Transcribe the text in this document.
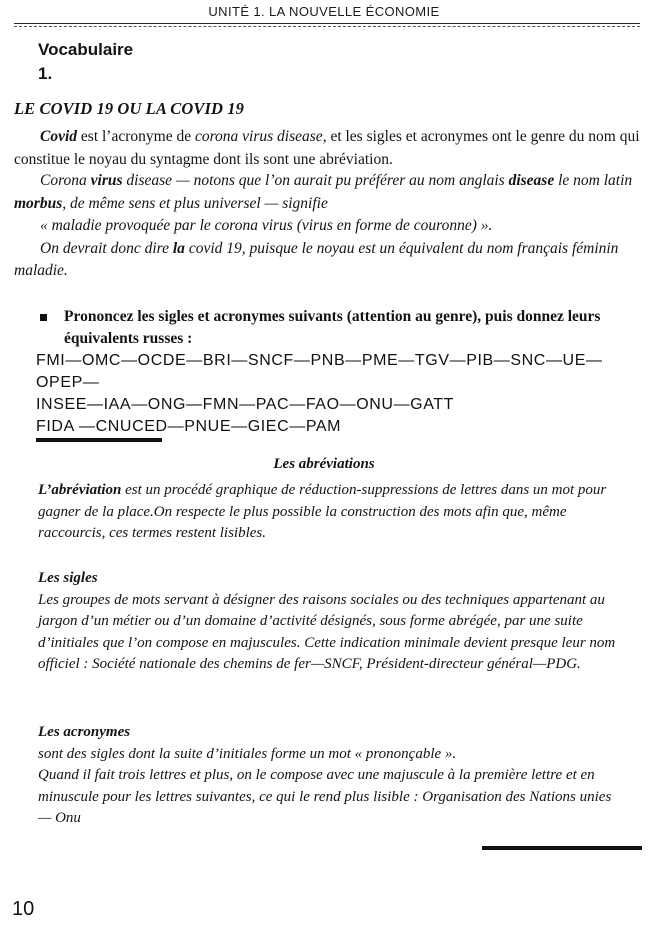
UNITÉ 1. LA NOUVELLE ÉCONOMIE
Vocabulaire
1.
LE COVID 19 OU LA COVID 19
Covid est l’acronyme de corona virus disease, et les sigles et acronymes ont le genre du nom qui constitue le noyau du syntagme dont ils sont une abréviation.
Corona virus disease — notons que l’on aurait pu préférer au nom anglais disease le nom latin morbus, de même sens et plus universel — signifie
« maladie provoquée par le corona virus (virus en forme de couronne) ».
On devrait donc dire la covid 19, puisque le noyau est un équivalent du nom français féminin maladie.
Prononcez les sigles et acronymes suivants (attention au genre), puis donnez leurs équivalents russes :
FMI—OMC—OCDE—BRI—SNCF—PNB—PME—TGV—PIB—SNC—UE—OPEP—
INSEE—IAA—ONG—FMN—PAC—FAO—ONU—GATT
FIDA —CNUCED—PNUE—GIEC—PAM
Les abréviations
L’abréviation est un procédé graphique de réduction-suppressions de lettres dans un mot pour gagner de la place.On respecte le plus possible la construction des mots afin que, même raccourcis, ces termes restent lisibles.
Les sigles
Les groupes de mots servant à désigner des raisons sociales ou des techniques appartenant au jargon d’un métier ou d’un domaine d’activité désignés, sous forme abrégée, par une suite d’initiales que l’on compose en majuscules. Cette indication minimale devient presque leur nom officiel : Société nationale des chemins de fer—SNCF, Président-directeur général—PDG.
Les acronymes
sont des sigles dont la suite d’initiales forme un mot « prononçable ».
Quand il fait trois lettres et plus, on le compose avec une majuscule à la première lettre et en minuscule pour les lettres suivantes, ce qui le rend plus lisible : Organisation des Nations unies — Onu
10
